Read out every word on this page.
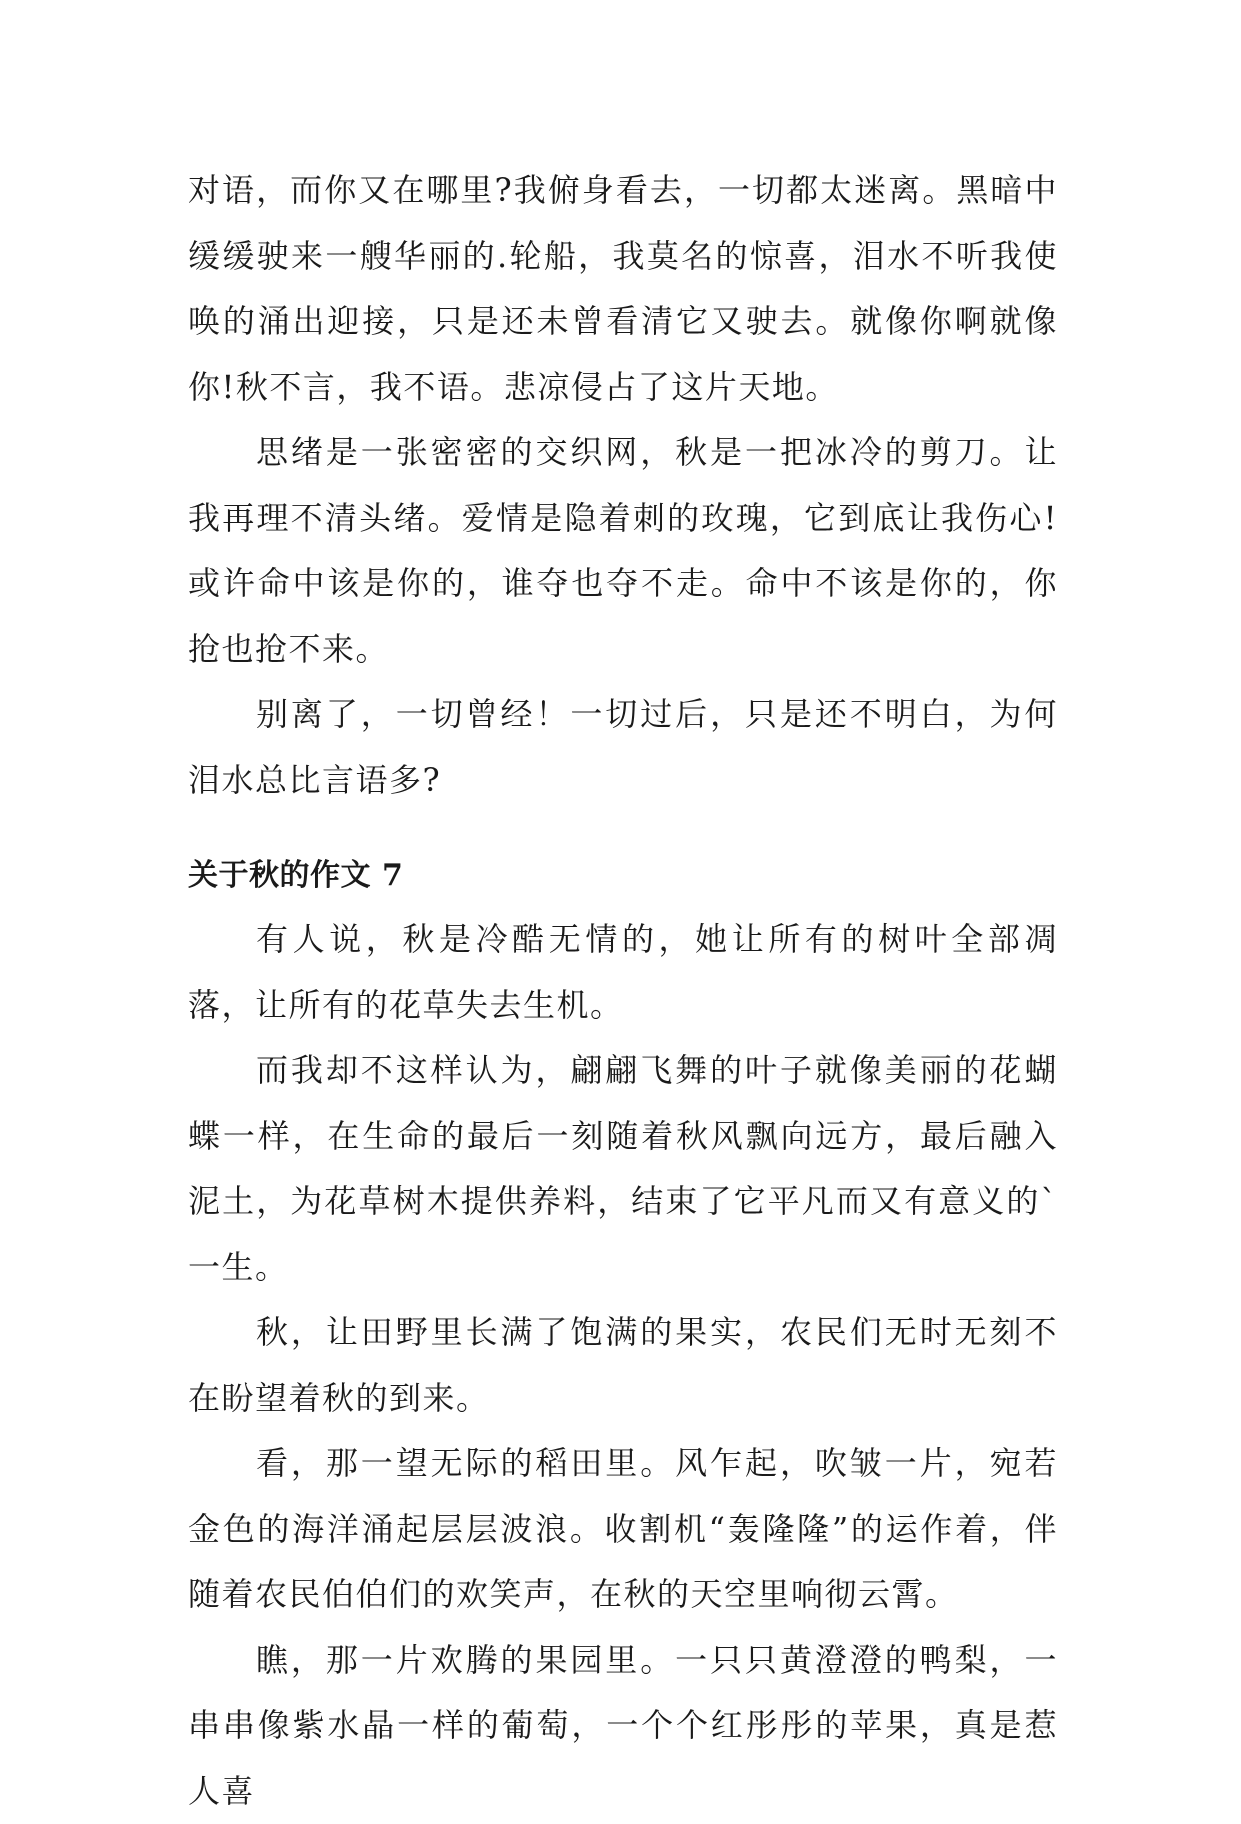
对语，而你又在哪里?我俯身看去，一切都太迷离。黑暗中缓缓驶来一艘华丽的.轮船，我莫名的惊喜，泪水不听我使唤的涌出迎接，只是还未曾看清它又驶去。就像你啊就像你!秋不言，我不语。悲凉侵占了这片天地。

思绪是一张密密的交织网，秋是一把冰冷的剪刀。让我再理不清头绪。爱情是隐着刺的玫瑰，它到底让我伤心!或许命中该是你的，谁夺也夺不走。命中不该是你的，你抢也抢不来。

别离了，一切曾经！一切过后，只是还不明白，为何泪水总比言语多?

关于秋的作文 7

有人说，秋是冷酷无情的，她让所有的树叶全部凋落，让所有的花草失去生机。

而我却不这样认为，翩翩飞舞的叶子就像美丽的花蝴蝶一样，在生命的最后一刻随着秋风飘向远方，最后融入泥土，为花草树木提供养料，结束了它平凡而又有意义的`一生。

秋，让田野里长满了饱满的果实，农民们无时无刻不在盼望着秋的到来。

看，那一望无际的稻田里。风乍起，吹皱一片，宛若金色的海洋涌起层层波浪。收割机“轰隆隆”的运作着，伴随着农民伯伯们的欢笑声，在秋的天空里响彻云霄。

瞧，那一片欢腾的果园里。一只只黄澄澄的鸭梨，一串串像紫水晶一样的葡萄，一个个红彤彤的苹果，真是惹人喜
